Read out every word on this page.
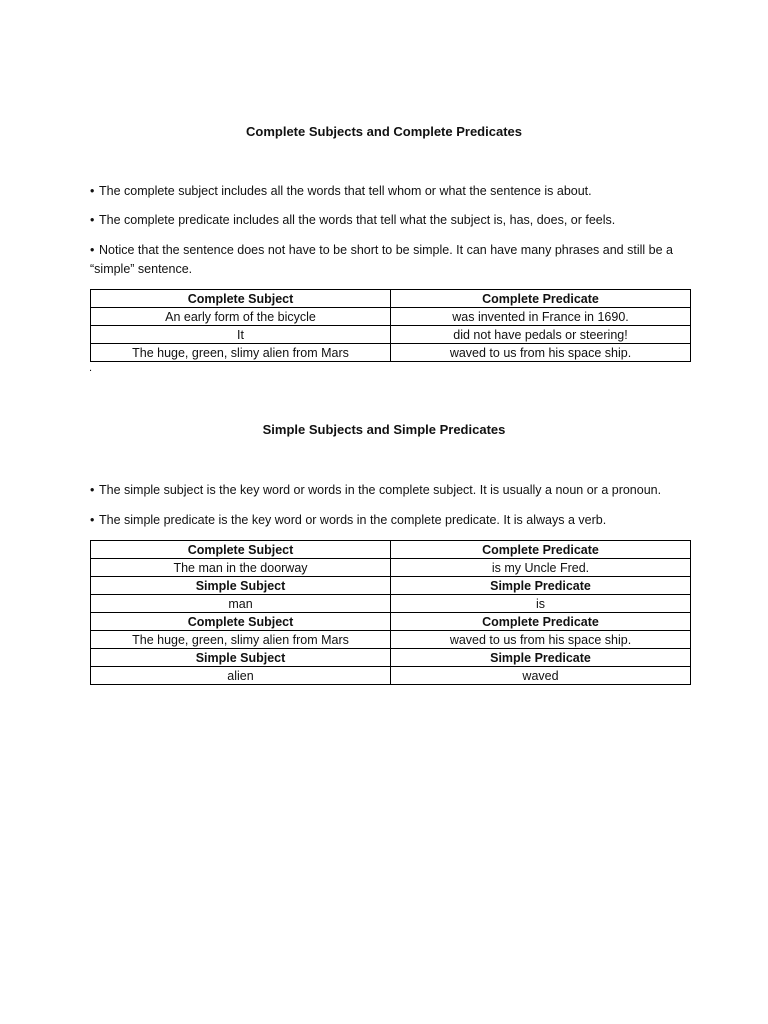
Complete Subjects and Complete Predicates
• The complete subject includes all the words that tell whom or what the sentence is about.
• The complete predicate includes all the words that tell what the subject is, has, does, or feels.
• Notice that the sentence does not have to be short to be simple. It can have many phrases and still be a “simple” sentence.
Complete Subject	Complete Predicate
An early form of the bicycle	was invented in France in 1690.
It	did not have pedals or steering!
The huge, green, slimy alien from Mars	waved to us from his space ship.
.
Simple Subjects and Simple Predicates
• The simple subject is the key word or words in the complete subject. It is usually a noun or a pronoun.
• The simple predicate is the key word or words in the complete predicate. It is always a verb.
Complete Subject	Complete Predicate
The man in the doorway	is my Uncle Fred.
Simple Subject	Simple Predicate
man	is
Complete Subject	Complete Predicate
The huge, green, slimy alien from Mars	waved to us from his space ship.
Simple Subject	Simple Predicate
alien	waved
